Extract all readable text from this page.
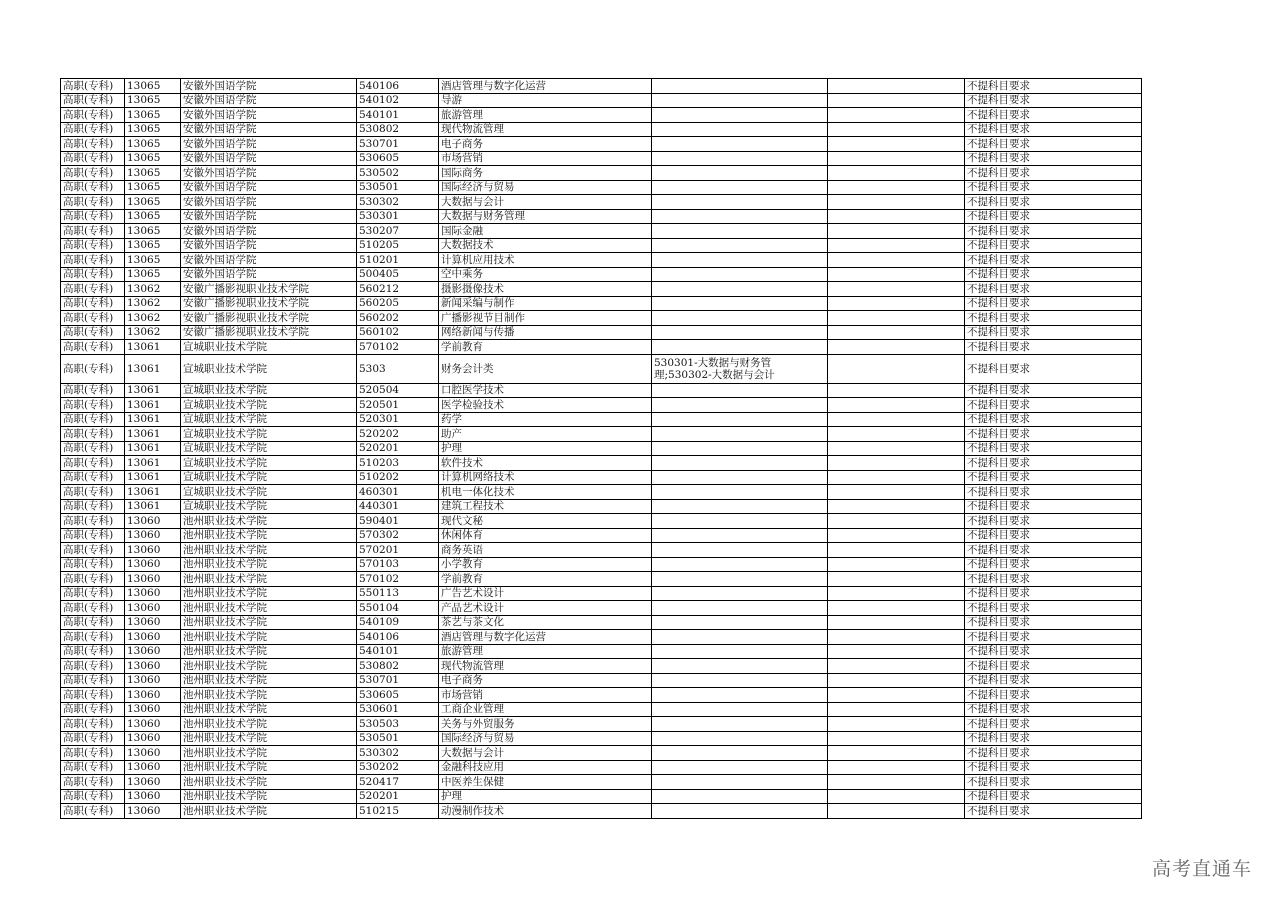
高职(专科)	13065	安徽外国语学院	540106	酒店管理与数字化运营			不提科目要求
高职(专科)	13065	安徽外国语学院	540102	导游			不提科目要求
高职(专科)	13065	安徽外国语学院	540101	旅游管理			不提科目要求
高职(专科)	13065	安徽外国语学院	530802	现代物流管理			不提科目要求
高职(专科)	13065	安徽外国语学院	530701	电子商务			不提科目要求
高职(专科)	13065	安徽外国语学院	530605	市场营销			不提科目要求
高职(专科)	13065	安徽外国语学院	530502	国际商务			不提科目要求
高职(专科)	13065	安徽外国语学院	530501	国际经济与贸易			不提科目要求
高职(专科)	13065	安徽外国语学院	530302	大数据与会计			不提科目要求
高职(专科)	13065	安徽外国语学院	530301	大数据与财务管理			不提科目要求
高职(专科)	13065	安徽外国语学院	530207	国际金融			不提科目要求
高职(专科)	13065	安徽外国语学院	510205	大数据技术			不提科目要求
高职(专科)	13065	安徽外国语学院	510201	计算机应用技术			不提科目要求
高职(专科)	13065	安徽外国语学院	500405	空中乘务			不提科目要求
高职(专科)	13062	安徽广播影视职业技术学院	560212	摄影摄像技术			不提科目要求
高职(专科)	13062	安徽广播影视职业技术学院	560205	新闻采编与制作			不提科目要求
高职(专科)	13062	安徽广播影视职业技术学院	560202	广播影视节目制作			不提科目要求
高职(专科)	13062	安徽广播影视职业技术学院	560102	网络新闻与传播			不提科目要求
高职(专科)	13061	宣城职业技术学院	570102	学前教育			不提科目要求
高职(专科)	13061	宣城职业技术学院	5303	财务会计类	530301-大数据与财务管理;530302-大数据与会计		不提科目要求
高职(专科)	13061	宣城职业技术学院	520504	口腔医学技术			不提科目要求
高职(专科)	13061	宣城职业技术学院	520501	医学检验技术			不提科目要求
高职(专科)	13061	宣城职业技术学院	520301	药学			不提科目要求
高职(专科)	13061	宣城职业技术学院	520202	助产			不提科目要求
高职(专科)	13061	宣城职业技术学院	520201	护理			不提科目要求
高职(专科)	13061	宣城职业技术学院	510203	软件技术			不提科目要求
高职(专科)	13061	宣城职业技术学院	510202	计算机网络技术			不提科目要求
高职(专科)	13061	宣城职业技术学院	460301	机电一体化技术			不提科目要求
高职(专科)	13061	宣城职业技术学院	440301	建筑工程技术			不提科目要求
高职(专科)	13060	池州职业技术学院	590401	现代文秘			不提科目要求
高职(专科)	13060	池州职业技术学院	570302	休闲体育			不提科目要求
高职(专科)	13060	池州职业技术学院	570201	商务英语			不提科目要求
高职(专科)	13060	池州职业技术学院	570103	小学教育			不提科目要求
高职(专科)	13060	池州职业技术学院	570102	学前教育			不提科目要求
高职(专科)	13060	池州职业技术学院	550113	广告艺术设计			不提科目要求
高职(专科)	13060	池州职业技术学院	550104	产品艺术设计			不提科目要求
高职(专科)	13060	池州职业技术学院	540109	茶艺与茶文化			不提科目要求
高职(专科)	13060	池州职业技术学院	540106	酒店管理与数字化运营			不提科目要求
高职(专科)	13060	池州职业技术学院	540101	旅游管理			不提科目要求
高职(专科)	13060	池州职业技术学院	530802	现代物流管理			不提科目要求
高职(专科)	13060	池州职业技术学院	530701	电子商务			不提科目要求
高职(专科)	13060	池州职业技术学院	530605	市场营销			不提科目要求
高职(专科)	13060	池州职业技术学院	530601	工商企业管理			不提科目要求
高职(专科)	13060	池州职业技术学院	530503	关务与外贸服务			不提科目要求
高职(专科)	13060	池州职业技术学院	530501	国际经济与贸易			不提科目要求
高职(专科)	13060	池州职业技术学院	530302	大数据与会计			不提科目要求
高职(专科)	13060	池州职业技术学院	530202	金融科技应用			不提科目要求
高职(专科)	13060	池州职业技术学院	520417	中医养生保健			不提科目要求
高职(专科)	13060	池州职业技术学院	520201	护理			不提科目要求
高职(专科)	13060	池州职业技术学院	510215	动漫制作技术			不提科目要求
高考直通车
